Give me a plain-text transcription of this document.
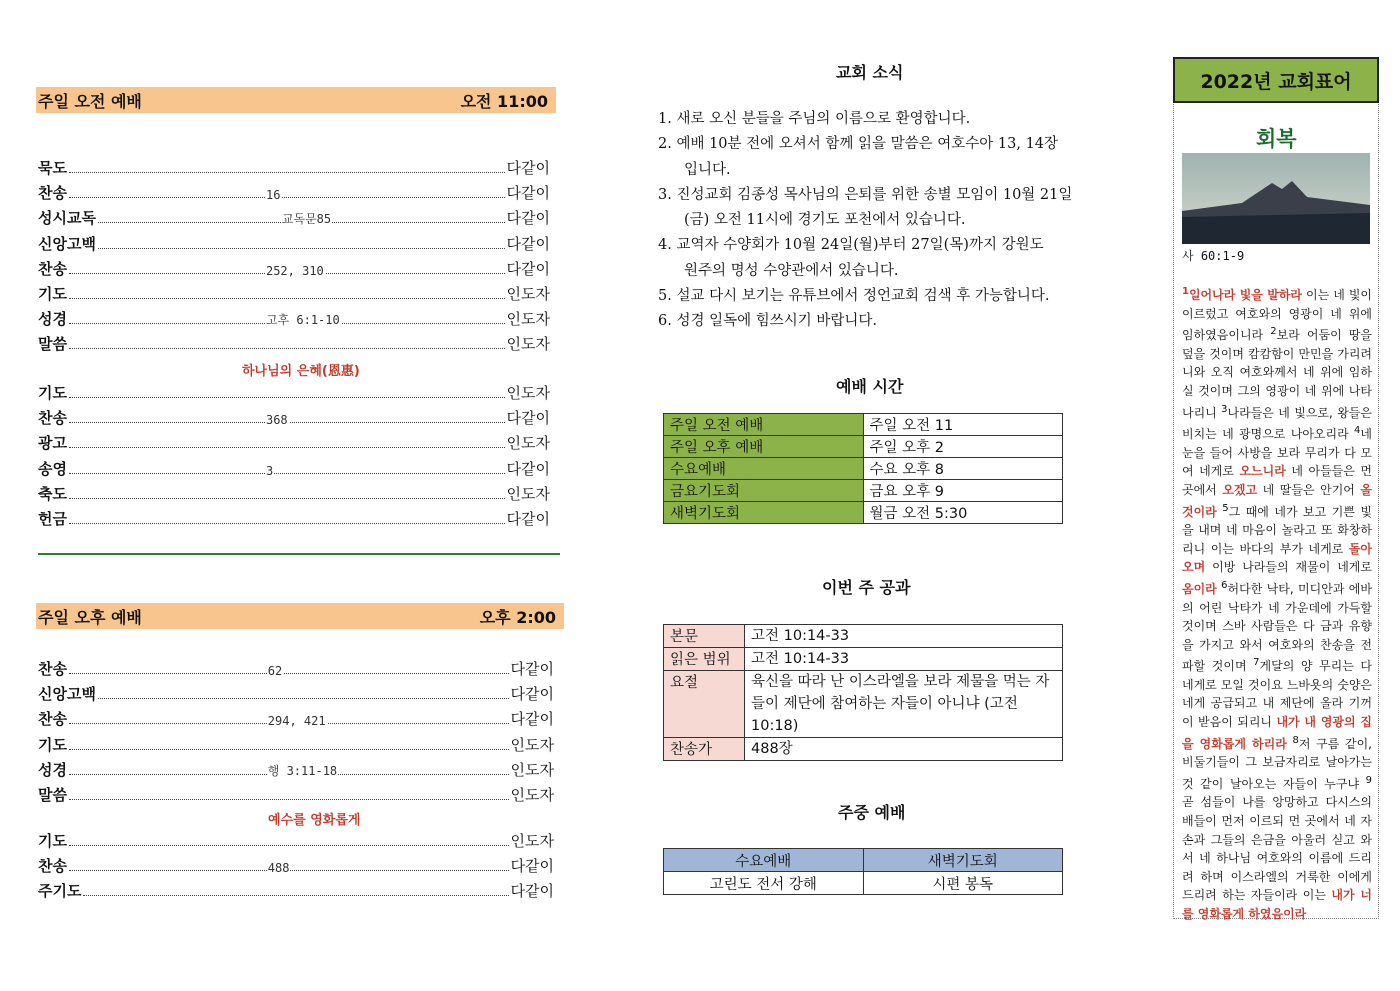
주일 오전 예배	오전 11:00
묵도	다같이
찬송	16	다같이
성시교독	교독문85	다같이
신앙고백	다같이
찬송	252, 310	다같이
기도	인도자
성경	고후 6:1-10	인도자
말씀	인도자
기도	인도자
찬송	368	다같이
광고	인도자
송영	3	다같이
축도	인도자
헌금	다같이
하나님의 은혜(恩惠)
주일 오후 예배	오후 2:00
찬송	62	다같이
신앙고백	다같이
찬송	294, 421	다같이
기도	인도자
성경	행 3:11-18	인도자
말씀	인도자
기도	인도자
찬송	488	다같이
주기도	다같이
예수를 영화롭게
교회 소식
1. 새로 오신 분들을 주님의 이름으로 환영합니다.
2. 예배 10분 전에 오셔서 함께 읽을 말씀은 여호수아 13, 14장
입니다.
3. 진성교회 김종성 목사님의 은퇴를 위한 송별 모임이 10월 21일
(금) 오전 11시에 경기도 포천에서 있습니다.
4. 교역자 수양회가 10월 24일(월)부터 27일(목)까지 강원도
원주의 명성 수양관에서 있습니다.
5. 설교 다시 보기는 유튜브에서 정언교회 검색 후 가능합니다.
6. 성경 일독에 힘쓰시기 바랍니다.
예배 시간
주일 오전 예배	주일 오전 11
주일 오후 예배	주일 오후 2
수요예배	수요 오후 8
금요기도회	금요 오후 9
새벽기도회	월금 오전 5:30
이번 주 공과
본문	고전 10:14-33
읽은 범위	고전 10:14-33
요절	육신을 따라 난 이스라엘을 보라 제물을 먹는 자들이 제단에 참여하는 자들이 아니냐 (고전 10:18)
찬송가	488장
주중 예배
수요예배	새벽기도회
고린도 전서 강해	시편 봉독
2022년 교회표어
회복
사 60:1-9
$^1$일어나라 빛을 발하라 이는 네 빛이 이르렀고 여호와의 영광이 네 위에 임하였음이니라 $^2$보라 어둠이 땅을 덮을 것이며 캄캄함이 만민을 가리려니와 오직 여호와께서 네 위에 임하실 것이며 그의 영광이 네 위에 나타나리니 $^3$나라들은 네 빛으로, 왕들은 비치는 네 광명으로 나아오리라 $^4$네 눈을 들어 사방을 보라 무리가 다 모여 네게로 오느니라 네 아들들은 먼 곳에서 오겠고 네 딸들은 안기어 올 것이라 $^5$그 때에 네가 보고 기쁜 빛을 내며 네 마음이 놀라고 또 화창하리니 이는 바다의 부가 네게로 돌아오며 이방 나라들의 재물이 네게로 옴이라 $^6$허다한 낙타, 미디안과 에바의 어린 낙타가 네 가운데에 가득할 것이며 스바 사람들은 다 금과 유향을 가지고 와서 여호와의 찬송을 전파할 것이며 $^7$게달의 양 무리는 다 네게로 모일 것이요 느바욧의 숫양은 네게 공급되고 내 제단에 올라 기꺼이 받음이 되리니 내가 내 영광의 집을 영화롭게 하리라 $^8$저 구름 같이, 비둘기들이 그 보금자리로 날아가는 것 같이 날아오는 자들이 누구냐 $^9$ 곧 섬들이 나를 앙망하고 다시스의 배들이 먼저 이르되 먼 곳에서 네 자손과 그들의 은금을 아울러 싣고 와서 네 하나님 여호와의 이름에 드리려 하며 이스라엘의 거룩한 이에게 드리려 하는 자들이라 이는 내가 너를 영화롭게 하였음이라
